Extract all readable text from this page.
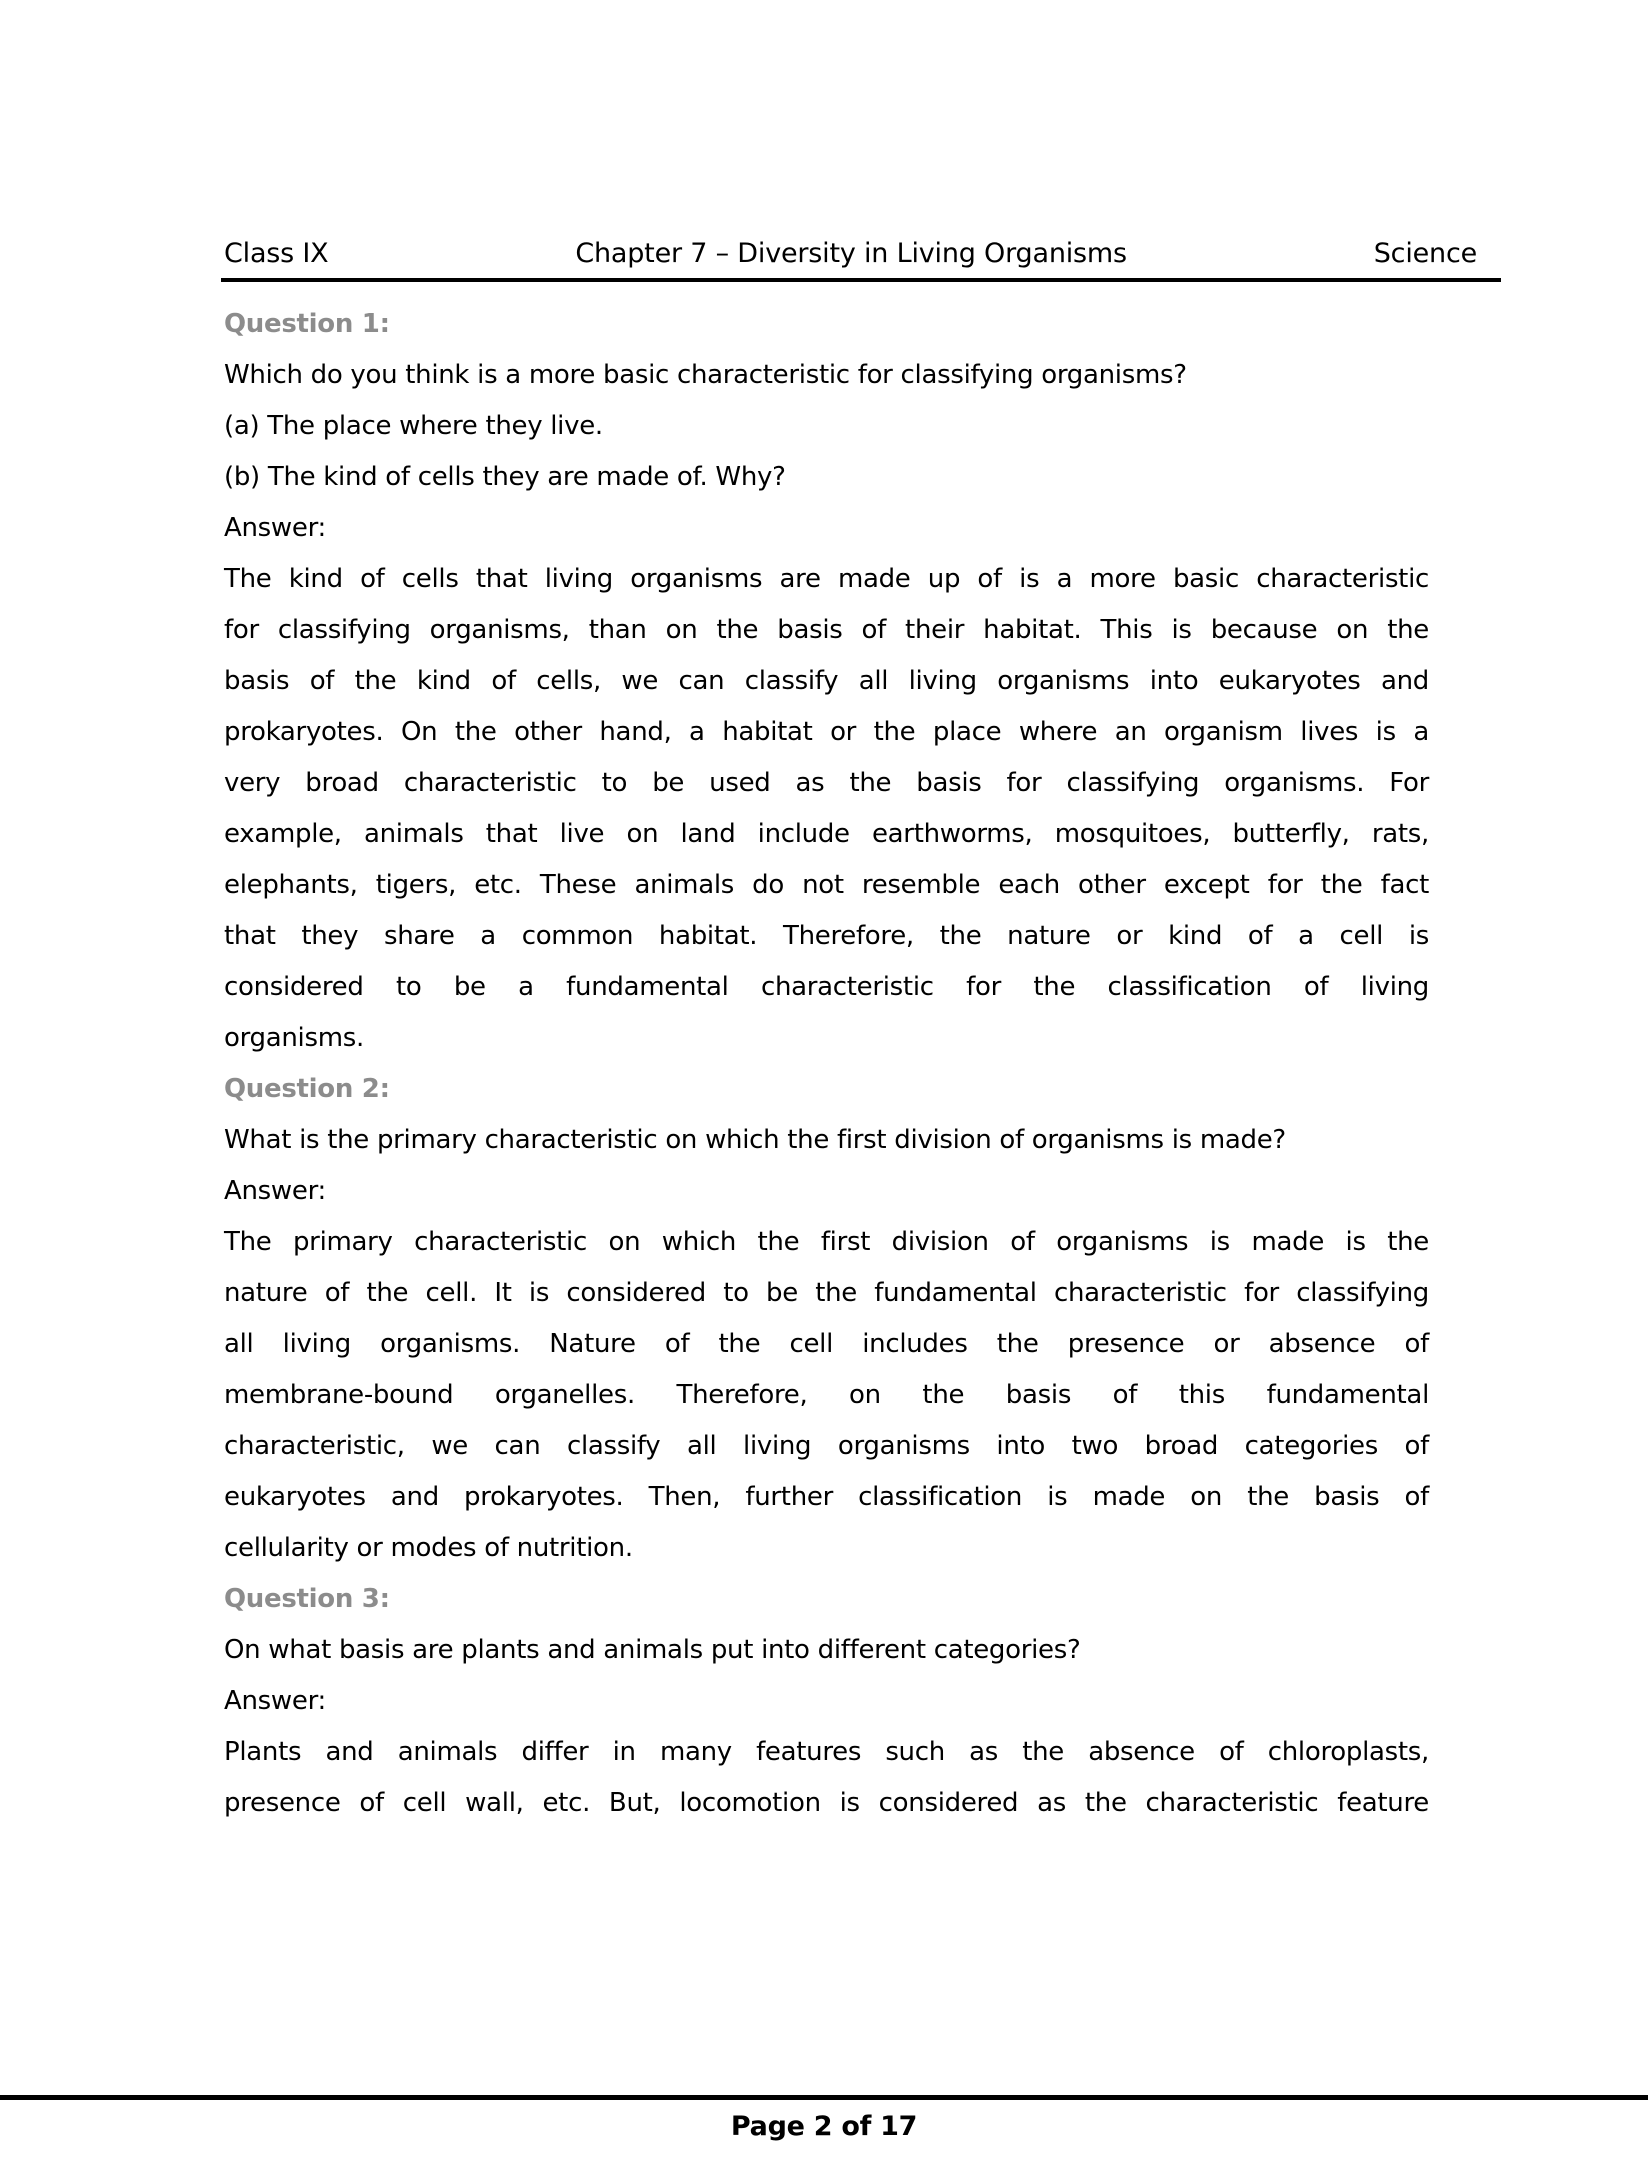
Class IX	Chapter 7 – Diversity in Living Organisms	Science
Question 1:
Which do you think is a more basic characteristic for classifying organisms?
(a) The place where they live.
(b) The kind of cells they are made of. Why?
Answer:
The kind of cells that living organisms are made up of is a more basic characteristic
for classifying organisms, than on the basis of their habitat. This is because on the
basis of the kind of cells, we can classify all living organisms into eukaryotes and
prokaryotes. On the other hand, a habitat or the place where an organism lives is a
very broad characteristic to be used as the basis for classifying organisms. For
example, animals that live on land include earthworms, mosquitoes, butterfly, rats,
elephants, tigers, etc. These animals do not resemble each other except for the fact
that they share a common habitat. Therefore, the nature or kind of a cell is
considered to be a fundamental characteristic for the classification of living
organisms.
Question 2:
What is the primary characteristic on which the first division of organisms is made?
Answer:
The primary characteristic on which the first division of organisms is made is the
nature of the cell. It is considered to be the fundamental characteristic for classifying
all living organisms. Nature of the cell includes the presence or absence of
membrane-bound organelles. Therefore, on the basis of this fundamental
characteristic, we can classify all living organisms into two broad categories of
eukaryotes and prokaryotes. Then, further classification is made on the basis of
cellularity or modes of nutrition.
Question 3:
On what basis are plants and animals put into different categories?
Answer:
Plants and animals differ in many features such as the absence of chloroplasts,
presence of cell wall, etc. But, locomotion is considered as the characteristic feature
Page 2 of 17
